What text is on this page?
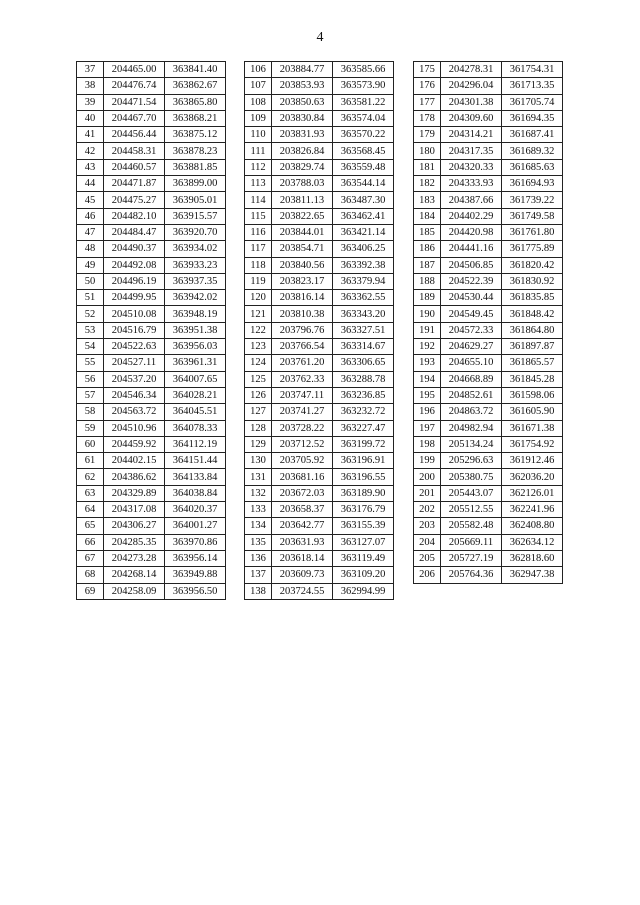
4
37	204465.00	363841.40
38	204476.74	363862.67
39	204471.54	363865.80
40	204467.70	363868.21
41	204456.44	363875.12
42	204458.31	363878.23
43	204460.57	363881.85
44	204471.87	363899.00
45	204475.27	363905.01
46	204482.10	363915.57
47	204484.47	363920.70
48	204490.37	363934.02
49	204492.08	363933.23
50	204496.19	363937.35
51	204499.95	363942.02
52	204510.08	363948.19
53	204516.79	363951.38
54	204522.63	363956.03
55	204527.11	363961.31
56	204537.20	364007.65
57	204546.34	364028.21
58	204563.72	364045.51
59	204510.96	364078.33
60	204459.92	364112.19
61	204402.15	364151.44
62	204386.62	364133.84
63	204329.89	364038.84
64	204317.08	364020.37
65	204306.27	364001.27
66	204285.35	363970.86
67	204273.28	363956.14
68	204268.14	363949.88
69	204258.09	363956.50
106	203884.77	363585.66
107	203853.93	363573.90
108	203850.63	363581.22
109	203830.84	363574.04
110	203831.93	363570.22
111	203826.84	363568.45
112	203829.74	363559.48
113	203788.03	363544.14
114	203811.13	363487.30
115	203822.65	363462.41
116	203844.01	363421.14
117	203854.71	363406.25
118	203840.56	363392.38
119	203823.17	363379.94
120	203816.14	363362.55
121	203810.38	363343.20
122	203796.76	363327.51
123	203766.54	363314.67
124	203761.20	363306.65
125	203762.33	363288.78
126	203747.11	363236.85
127	203741.27	363232.72
128	203728.22	363227.47
129	203712.52	363199.72
130	203705.92	363196.91
131	203681.16	363196.55
132	203672.03	363189.90
133	203658.37	363176.79
134	203642.77	363155.39
135	203631.93	363127.07
136	203618.14	363119.49
137	203609.73	363109.20
138	203724.55	362994.99
175	204278.31	361754.31
176	204296.04	361713.35
177	204301.38	361705.74
178	204309.60	361694.35
179	204314.21	361687.41
180	204317.35	361689.32
181	204320.33	361685.63
182	204333.93	361694.93
183	204387.66	361739.22
184	204402.29	361749.58
185	204420.98	361761.80
186	204441.16	361775.89
187	204506.85	361820.42
188	204522.39	361830.92
189	204530.44	361835.85
190	204549.45	361848.42
191	204572.33	361864.80
192	204629.27	361897.87
193	204655.10	361865.57
194	204668.89	361845.28
195	204852.61	361598.06
196	204863.72	361605.90
197	204982.94	361671.38
198	205134.24	361754.92
199	205296.63	361912.46
200	205380.75	362036.20
201	205443.07	362126.01
202	205512.55	362241.96
203	205582.48	362408.80
204	205669.11	362634.12
205	205727.19	362818.60
206	205764.36	362947.38
